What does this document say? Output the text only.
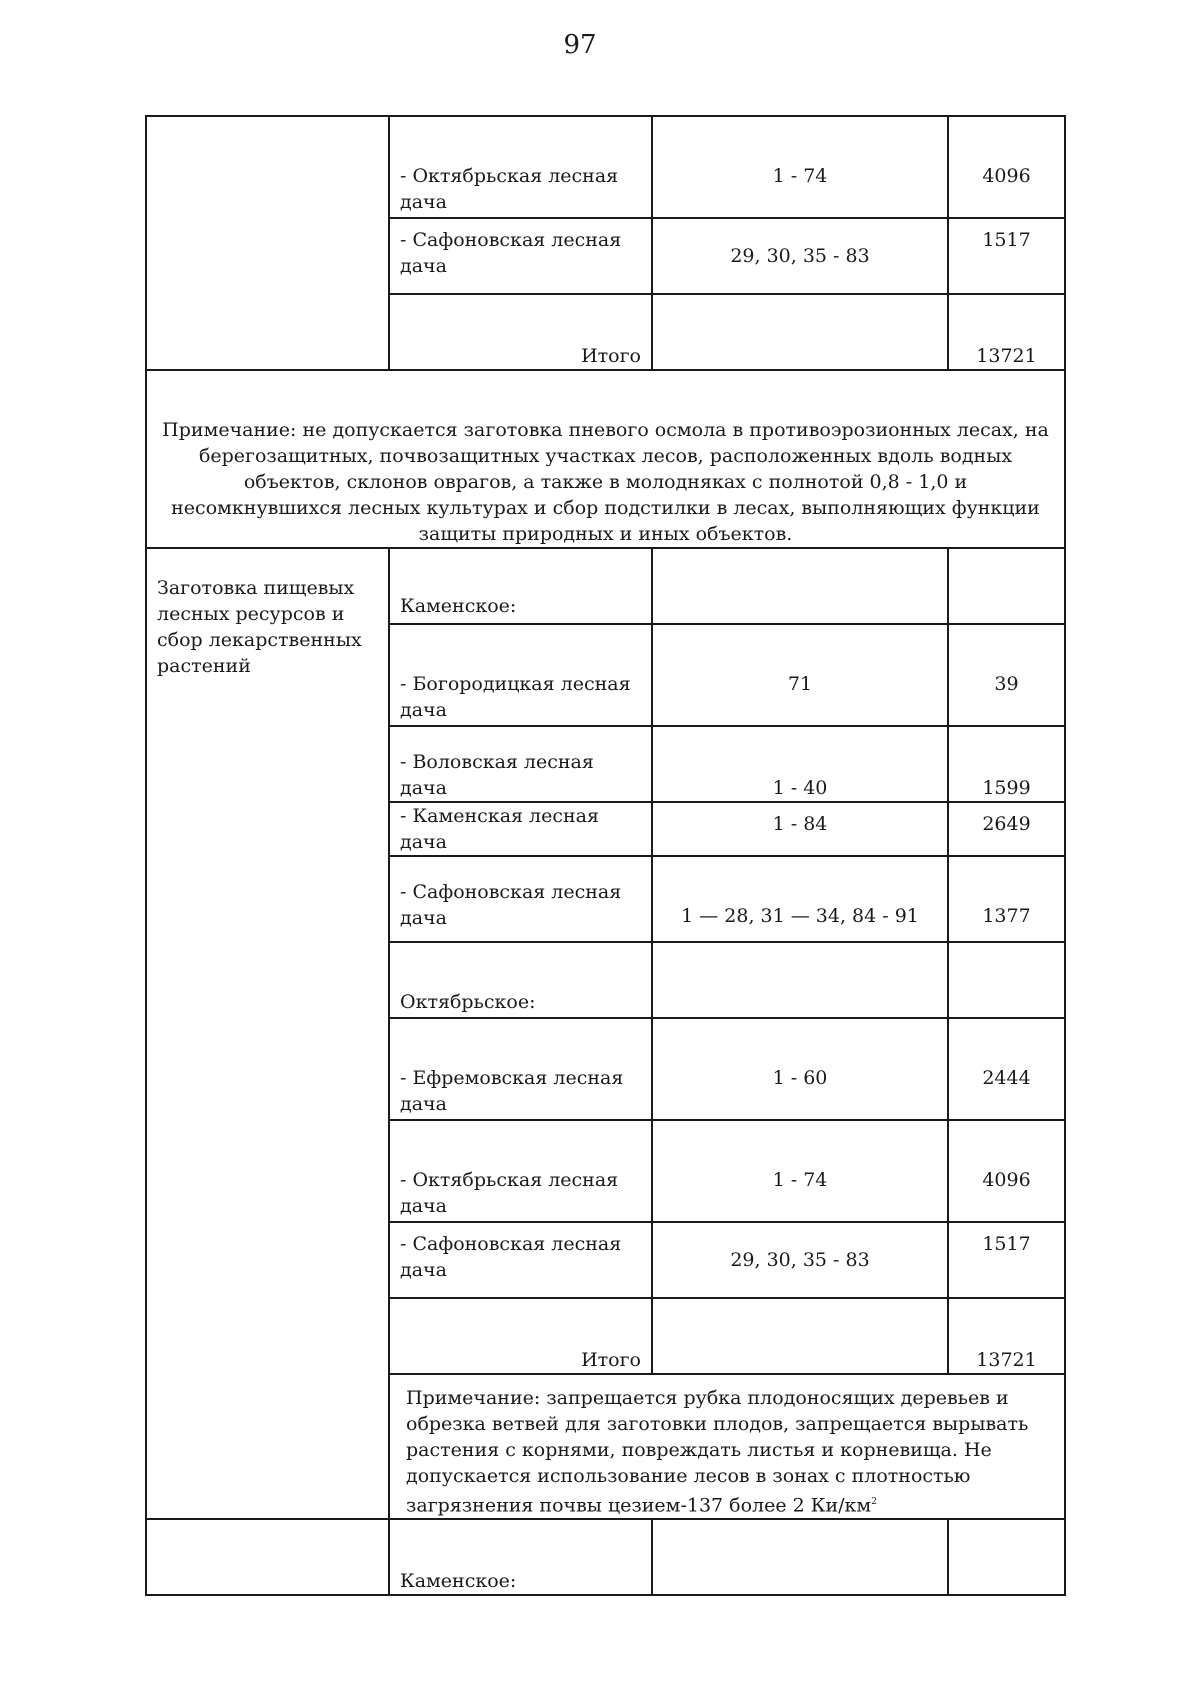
97

	- Октябрьская лесная дача	1 - 74	4096

	- Сафоновская лесная дача	29, 30, 35 - 83	1517

	Итого		13721

Примечание: не допускается заготовка пневого осмола в противоэрозионных лесах, на берегозащитных, почвозащитных участках лесов, расположенных вдоль водных объектов, склонов оврагов, а также в молодняках с полнотой 0,8 - 1,0 и несомкнувшихся лесных культурах и сбор подстилки в лесах, выполняющих функции защиты природных и иных объектов.			
Заготовка пищевых лесных ресурсов и сбор лекарственных растений	Каменское:		

	- Богородицкая лесная дача	71	39

	- Воловская лесная дача	1 - 40	1599

	- Каменская лесная дача	1 - 84	2649

	- Сафоновская лесная дача	1 — 28, 31 — 34, 84 - 91	1377

	Октябрьское:		

	- Ефремовская лесная дача	1 - 60	2444

	- Октябрьская лесная дача	1 - 74	4096

	- Сафоновская лесная дача	29, 30, 35 - 83	1517

	Итого		13721

	Примечание: запрещается рубка плодоносящих деревьев и обрезка ветвей для заготовки плодов, запрещается вырывать растения с корнями, повреждать листья и корневища. Не допускается использование лесов в зонах с плотностью загрязнения почвы цезием-137 более 2 $Ки/км^2$

	Каменское:		
